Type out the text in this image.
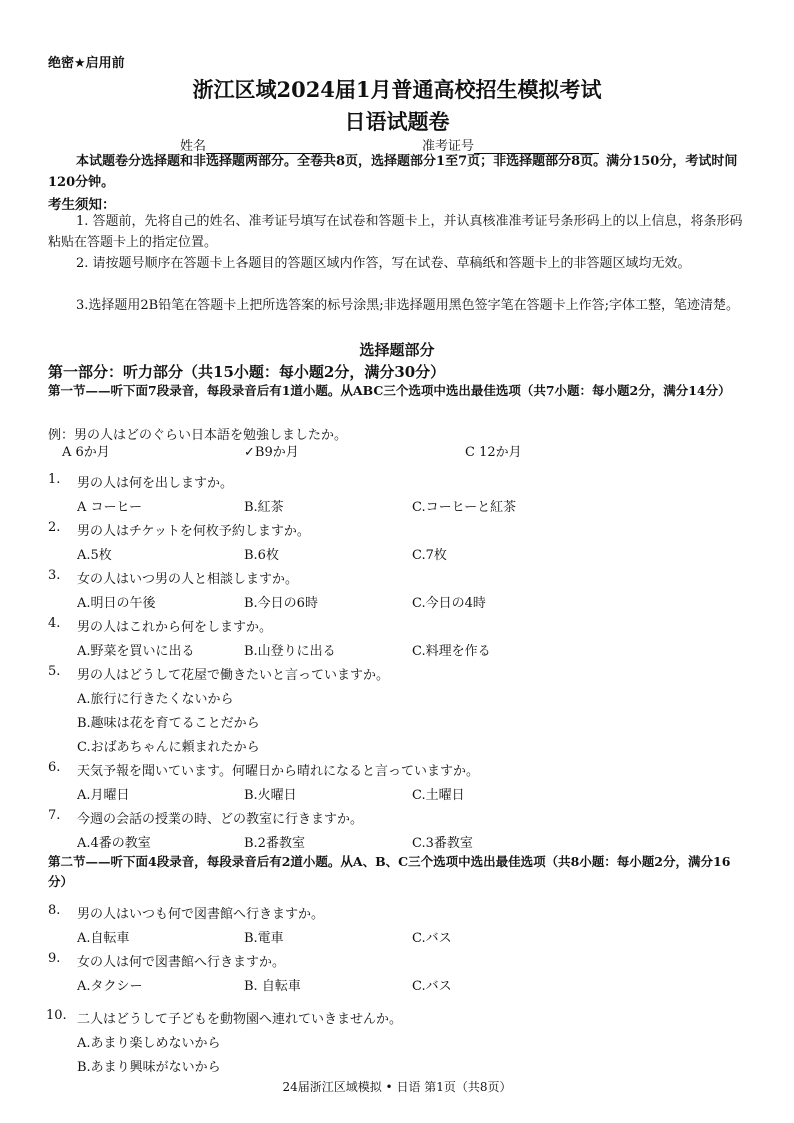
绝密★启用前
浙江区域2024届1月普通高校招生模拟考试
日语试题卷
姓名	准考证号
本试题卷分选择题和非选择题两部分。全卷共8页，选择题部分1至7页；非选择题部分8页。满分150分，考试时间120分钟。
考生须知：
1. 答题前，先将自己的姓名、准考证号填写在试卷和答题卡上，并认真核准准考证号条形码上的以上信息，将条形码粘贴在答题卡上的指定位置。
2. 请按题号顺序在答题卡上各题目的答题区域内作答，写在试卷、草稿纸和答题卡上的非答题区域均无效。
3.选择题用2B铅笔在答题卡上把所选答案的标号涂黑;非选择题用黑色签字笔在答题卡上作答;字体工整，笔迹清楚。
选择题部分
第一部分：听力部分（共15小题：每小题2分，满分30分）
第一节——听下面7段录音，每段录音后有1道小题。从ABC三个选项中选出最佳选项（共7小题：每小题2分，满分14分）
例：男の人はどのぐらい日本語を勉強しましたか。
A 6か月	✓B9か月	C 12か月
1. 男の人は何を出しますか。
A コーヒー	B.紅茶	C.コーヒーと紅茶
2. 男の人はチケットを何枚予約しますか。
A.5枚	B.6枚	C.7枚
3. 女の人はいつ男の人と相談しますか。
A.明日の午後	B.今日の6時	C.今日の4時
4. 男の人はこれから何をしますか。
A.野菜を買いに出る	B.山登りに出る	C.料理を作る
5. 男の人はどうして花屋で働きたいと言っていますか。
A.旅行に行きたくないから
B.趣味は花を育てることだから
C.おばあちゃんに頼まれたから
6. 天気予報を聞いています。何曜日から晴れになると言っていますか。
A.月曜日	B.火曜日	C.土曜日
7. 今週の会話の授業の時、どの教室に行きますか。
A.4番の教室	B.2番教室	C.3番教室
第二节——听下面4段录音，每段录音后有2道小题。从A、B、C三个选项中选出最佳选项（共8小题：每小题2分，满分16分）
8. 男の人はいつも何で図書館へ行きますか。
A.自転車	B.電車	C.バス
9. 女の人は何で図書館へ行きますか。
A.タクシー	B. 自転車	C.バス
10. 二人はどうして子どもを動物園へ連れていきませんか。
A.あまり楽しめないから
B.あまり興味がないから
24届浙江区域模拟 • 日语 第1页（共8页）
